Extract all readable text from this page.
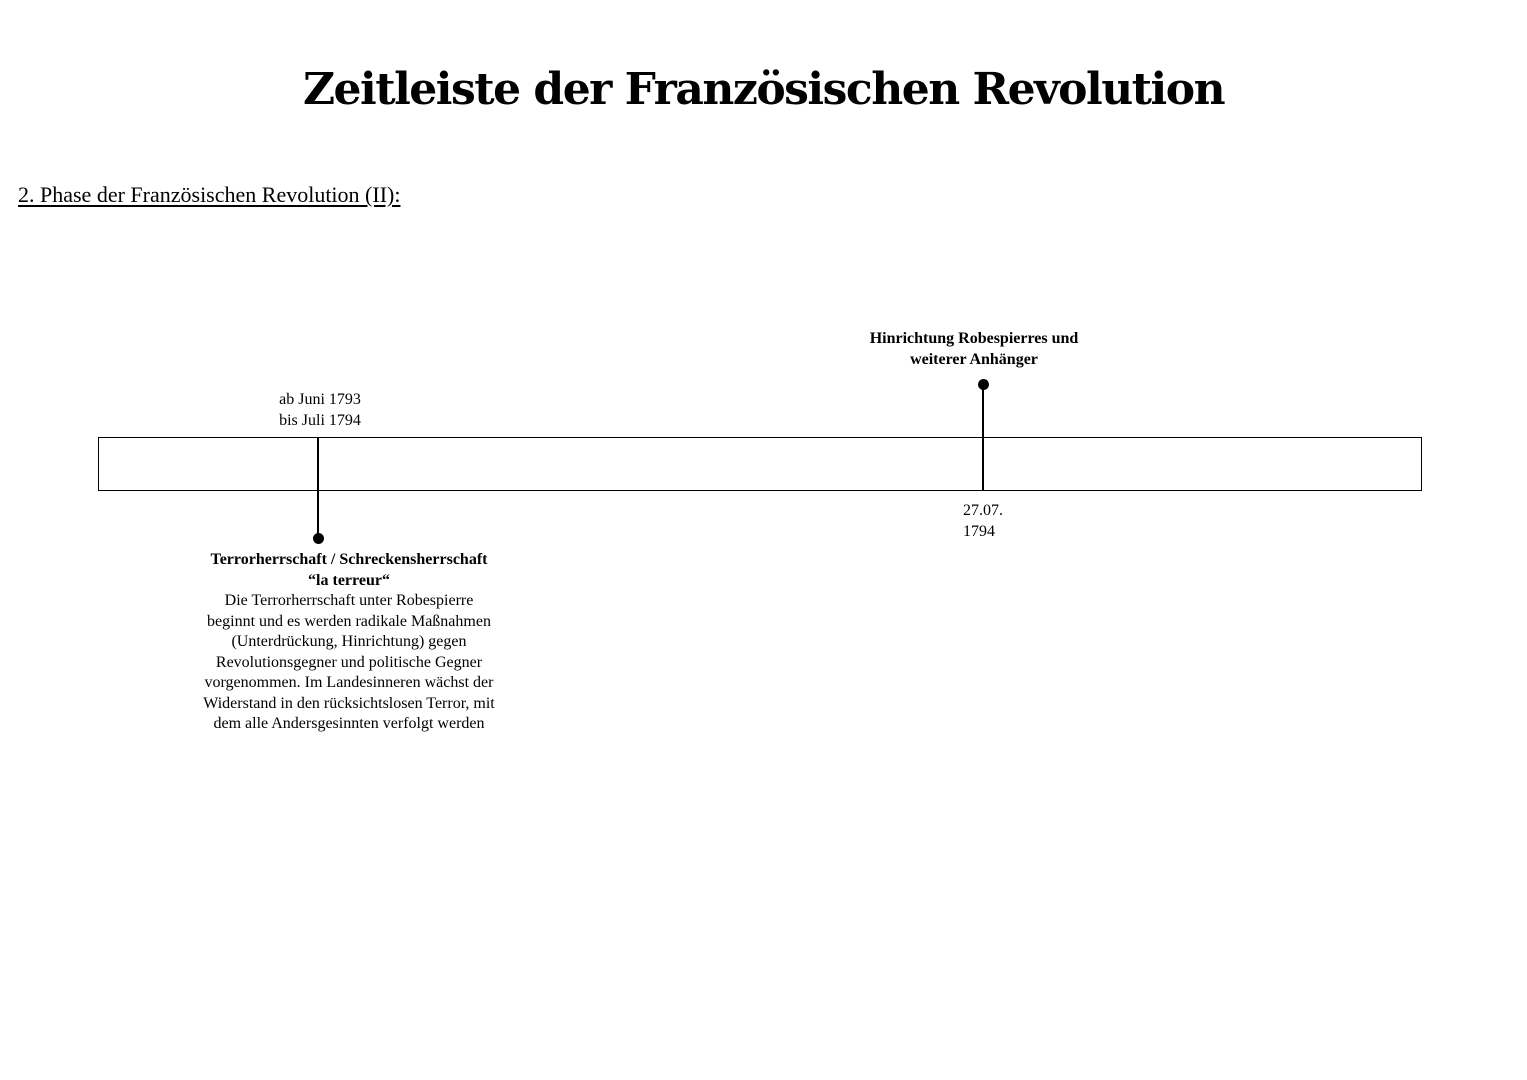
Zeitleiste der Französischen Revolution

2. Phase der Französischen Revolution (II):

ab Juni 1793
bis Juli 1794
Terrorherrschaft / Schreckensherrschaft
“la terreur“
Die Terrorherrschaft unter Robespierre
beginnt und es werden radikale Maßnahmen
(Unterdrückung, Hinrichtung) gegen
Revolutionsgegner und politische Gegner
vorgenommen. Im Landesinneren wächst der
Widerstand in den rücksichtslosen Terror, mit
dem alle Andersgesinnten verfolgt werden
Hinrichtung Robespierres und
weiterer Anhänger
27.07.
1794
